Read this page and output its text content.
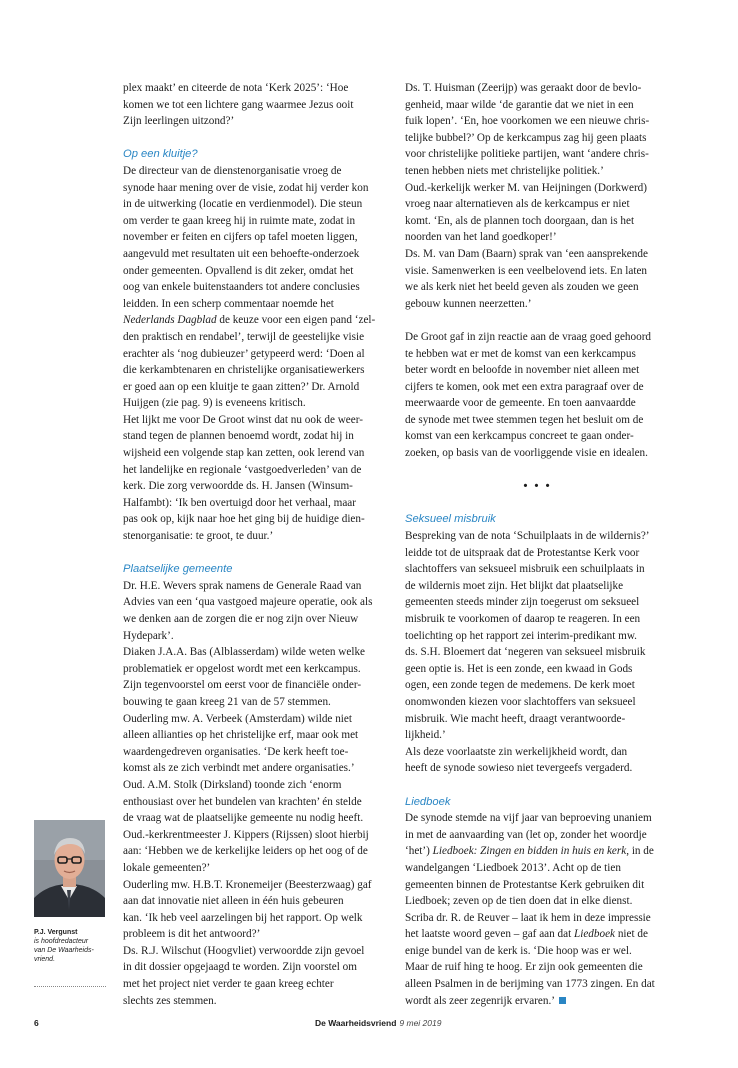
plex maakt’ en citeerde de nota ‘Kerk 2025’: ‘Hoe
komen we tot een lichtere gang waarmee Jezus ooit
Zijn leerlingen uitzond?’

Op een kluitje?

De directeur van de dienstenorganisatie vroeg de
synode haar mening over de visie, zodat hij verder kon
in de uitwerking (locatie en verdienmodel). Die steun
om verder te gaan kreeg hij in ruimte mate, zodat in
november er feiten en cijfers op tafel moeten liggen,
aangevuld met resultaten uit een behoefte-onderzoek
onder gemeenten. Opvallend is dit zeker, omdat het
oog van enkele buitenstaanders tot andere conclusies
leidden. In een scherp commentaar noemde het Nederlands Dagblad de keuze voor een eigen pand ‘zel-
den praktisch en rendabel’, terwijl de geestelijke visie
erachter als ‘nog dubieuzer’ getypeerd werd: ‘Doen al
die kerkambtenaren en christelijke organisatiewerkers
er goed aan op een kluitje te gaan zitten?’ Dr. Arnold
Huijgen (zie pag. 9) is eveneens kritisch.

Het lijkt me voor De Groot winst dat nu ook de weer-
stand tegen de plannen benoemd wordt, zodat hij in
wijsheid een volgende stap kan zetten, ook lerend van
het landelijke en regionale ‘vastgoedverleden’ van de
kerk. Die zorg verwoordde ds. H. Jansen (Winsum-
Halfambt): ‘Ik ben overtuigd door het verhaal, maar
pas ook op, kijk naar hoe het ging bij de huidige dien-
stenorganisatie: te groot, te duur.’

Plaatselijke gemeente

Dr. H.E. Wevers sprak namens de Generale Raad van
Advies van een ‘qua vastgoed majeure operatie, ook als
we denken aan de zorgen die er nog zijn over Nieuw
Hydepark’.

Diaken J.A.A. Bas (Alblasserdam) wilde weten welke
problematiek er opgelost wordt met een kerkcampus.
Zijn tegenvoorstel om eerst voor de financiële onder-
bouwing te gaan kreeg 21 van de 57 stemmen.

Ouderling mw. A. Verbeek (Amsterdam) wilde niet
alleen allianties op het christelijke erf, maar ook met
waardengedreven organisaties. ‘De kerk heeft toe-
komst als ze zich verbindt met andere organisaties.’

Oud. A.M. Stolk (Dirksland) toonde zich ‘enorm
enthousiast over het bundelen van krachten’ én stelde
de vraag wat de plaatselijke gemeente nu nodig heeft.

Oud.-kerkrentmeester J. Kippers (Rijssen) sloot hierbij
aan: ‘Hebben we de kerkelijke leiders op het oog of de
lokale gemeenten?’

Ouderling mw. H.B.T. Kronemeijer (Beesterzwaag) gaf
aan dat innovatie niet alleen in één huis gebeuren
kan. ‘Ik heb veel aarzelingen bij het rapport. Op welk
probleem is dit het antwoord?’

Ds. R.J. Wilschut (Hoogvliet) verwoordde zijn gevoel
in dit dossier opgejaagd te worden. Zijn voorstel om
met het project niet verder te gaan kreeg echter
slechts zes stemmen.

Ds. T. Huisman (Zeerijp) was geraakt door de bevlo-
genheid, maar wilde ‘de garantie dat we niet in een
fuik lopen’. ‘En, hoe voorkomen we een nieuwe chris-
telijke bubbel?’ Op de kerkcampus zag hij geen plaats
voor christelijke politieke partijen, want ‘andere chris-
tenen hebben niets met christelijke politiek.’

Oud.-kerkelijk werker M. van Heijningen (Dorkwerd)
vroeg naar alternatieven als de kerkcampus er niet
komt. ‘En, als de plannen toch doorgaan, dan is het
noorden van het land goedkoper!’

Ds. M. van Dam (Baarn) sprak van ‘een aansprekende
visie. Samenwerken is een veelbelovend iets. En laten
we als kerk niet het beeld geven als zouden we geen
gebouw kunnen neerzetten.’

De Groot gaf in zijn reactie aan de vraag goed gehoord
te hebben wat er met de komst van een kerkcampus
beter wordt en beloofde in november niet alleen met
cijfers te komen, ook met een extra paragraaf over de
meerwaarde voor de gemeente. En toen aanvaardde
de synode met twee stemmen tegen het besluit om de
komst van een kerkcampus concreet te gaan onder-
zoeken, op basis van de voorliggende visie en idealen.

• • •
Seksueel misbruik

Bespreking van de nota ‘Schuilplaats in de wildernis?’
leidde tot de uitspraak dat de Protestantse Kerk voor
slachtoffers van seksueel misbruik een schuilplaats in
de wildernis moet zijn. Het blijkt dat plaatselijke
gemeenten steeds minder zijn toegerust om seksueel
misbruik te voorkomen of daarop te reageren. In een
toelichting op het rapport zei interim-predikant mw.
ds. S.H. Bloemert dat ‘negeren van seksueel misbruik
geen optie is. Het is een zonde, een kwaad in Gods
ogen, een zonde tegen de medemens. De kerk moet
onomwonden kiezen voor slachtoffers van seksueel
misbruik. Wie macht heeft, draagt verantwoorde-
lijkheid.’

Als deze voorlaatste zin werkelijkheid wordt, dan
heeft de synode sowieso niet tevergeefs vergaderd.

Liedboek

De synode stemde na vijf jaar van beproeving unaniem
in met de aanvaarding van (let op, zonder het woordje
‘het’) Liedboek: Zingen en bidden in huis en kerk, in de
wandelgangen ‘Liedboek 2013’. Acht op de tien
gemeenten binnen de Protestantse Kerk gebruiken dit
Liedboek; zeven op de tien doen dat in elke dienst.
Scriba dr. R. de Reuver – laat ik hem in deze impressie
het laatste woord geven – gaf aan dat Liedboek niet de
enige bundel van de kerk is. ‘Die hoop was er wel.
Maar de ruif hing te hoog. Er zijn ook gemeenten die
alleen Psalmen in de berijming van 1773 zingen. En dat
wordt als zeer zegenrijk ervaren.’

P.J. Vergunst
is hoofdredacteur
van De Waarheids-
vriend.
6	De Waarheidsvriend 9 mei 2019
